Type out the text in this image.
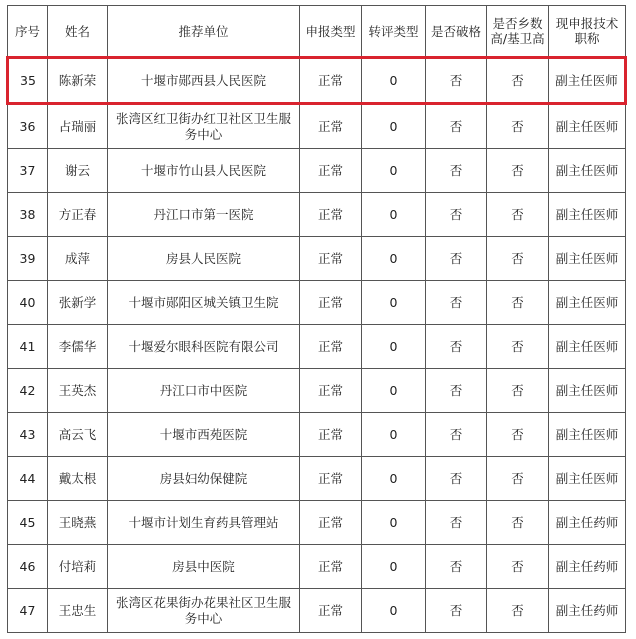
序号	姓名	推荐单位	申报类型	转评类型	是否破格	是否乡数高/基卫高	现申报技术职称
35	陈新荣	十堰市郧西县人民医院	正常	0	否	否	副主任医师
36	占瑞丽	张湾区红卫街办红卫社区卫生服务中心	正常	0	否	否	副主任医师
37	谢云	十堰市竹山县人民医院	正常	0	否	否	副主任医师
38	方正春	丹江口市第一医院	正常	0	否	否	副主任医师
39	成萍	房县人民医院	正常	0	否	否	副主任医师
40	张新学	十堰市郧阳区城关镇卫生院	正常	0	否	否	副主任医师
41	李儒华	十堰爱尔眼科医院有限公司	正常	0	否	否	副主任医师
42	王英杰	丹江口市中医院	正常	0	否	否	副主任医师
43	高云飞	十堰市西苑医院	正常	0	否	否	副主任医师
44	戴太根	房县妇幼保健院	正常	0	否	否	副主任医师
45	王晓燕	十堰市计划生育药具管理站	正常	0	否	否	副主任药师
46	付培莉	房县中医院	正常	0	否	否	副主任药师
47	王忠生	张湾区花果街办花果社区卫生服务中心	正常	0	否	否	副主任药师
